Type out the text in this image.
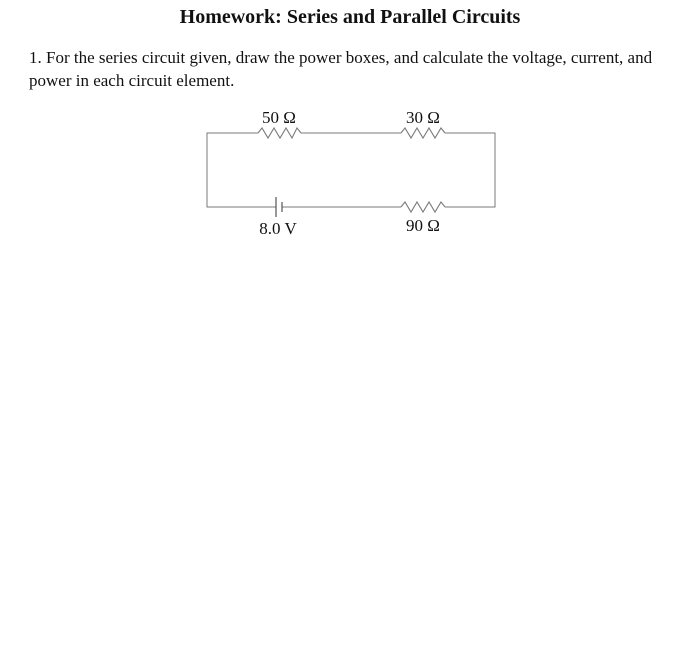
Homework: Series and Parallel Circuits
1. For the series circuit given, draw the power boxes, and calculate the voltage, current, and power in each circuit element.
50 Ω	30 Ω
90 Ω
8.0 V
